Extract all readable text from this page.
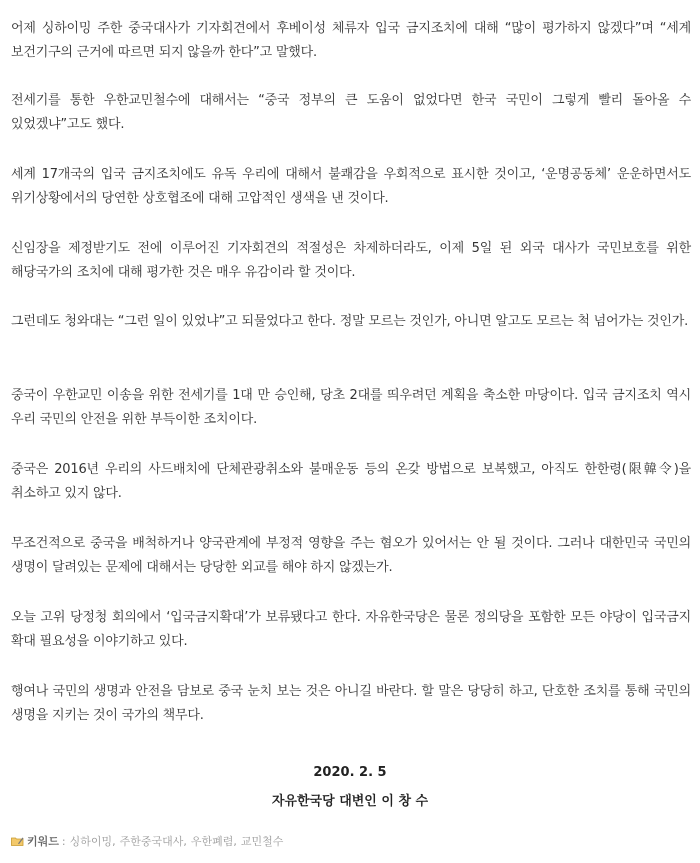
어제 싱하이밍 주한 중국대사가 기자회견에서 후베이성 체류자 입국 금지조치에 대해 “많이 평가하지 않겠다”며 “세계 보건기구의 근거에 따르면 되지 않을까 한다”고 말했다.

전세기를 통한 우한교민철수에 대해서는 “중국 정부의 큰 도움이 없었다면 한국 국민이 그렇게 빨리 돌아올 수 있었겠냐”고도 했다.

세계 17개국의 입국 금지조치에도 유독 우리에 대해서 불쾌감을 우회적으로 표시한 것이고, ‘운명공동체’ 운운하면서도 위기상황에서의 당연한 상호협조에 대해 고압적인 생색을 낸 것이다.

신임장을 제정받기도 전에 이루어진 기자회견의 적절성은 차제하더라도, 이제 5일 된 외국 대사가 국민보호를 위한 해당국가의 조치에 대해 평가한 것은 매우 유감이라 할 것이다.

그런데도 청와대는 “그런 일이 있었냐”고 되물었다고 한다. 정말 모르는 것인가, 아니면 알고도 모르는 척 넘어가는 것인가.

중국이 우한교민 이송을 위한 전세기를 1대 만 승인해, 당초 2대를 띄우려던 계획을 축소한 마당이다. 입국 금지조치 역시 우리 국민의 안전을 위한 부득이한 조치이다.

중국은 2016년 우리의 사드배치에 단체관광취소와 불매운동 등의 온갖 방법으로 보복했고, 아직도 한한령(限韓令)을 취소하고 있지 않다.

무조건적으로 중국을 배척하거나 양국관계에 부정적 영향을 주는 혐오가 있어서는 안 될 것이다. 그러나 대한민국 국민의 생명이 달려있는 문제에 대해서는 당당한 외교를 해야 하지 않겠는가.

오늘 고위 당정청 회의에서 ‘입국금지확대’가 보류됐다고 한다. 자유한국당은 물론 정의당을 포함한 모든 야당이 입국금지 확대 필요성을 이야기하고 있다.

행여나 국민의 생명과 안전을 담보로 중국 눈치 보는 것은 아니길 바란다. 할 말은 당당히 하고, 단호한 조치를 통해 국민의 생명을 지키는 것이 국가의 책무다.

2020. 2. 5
자유한국당 대변인 이 창 수
키워드 : 싱하이밍 , 주한중국대사 , 우한폐렴 , 교민철수
